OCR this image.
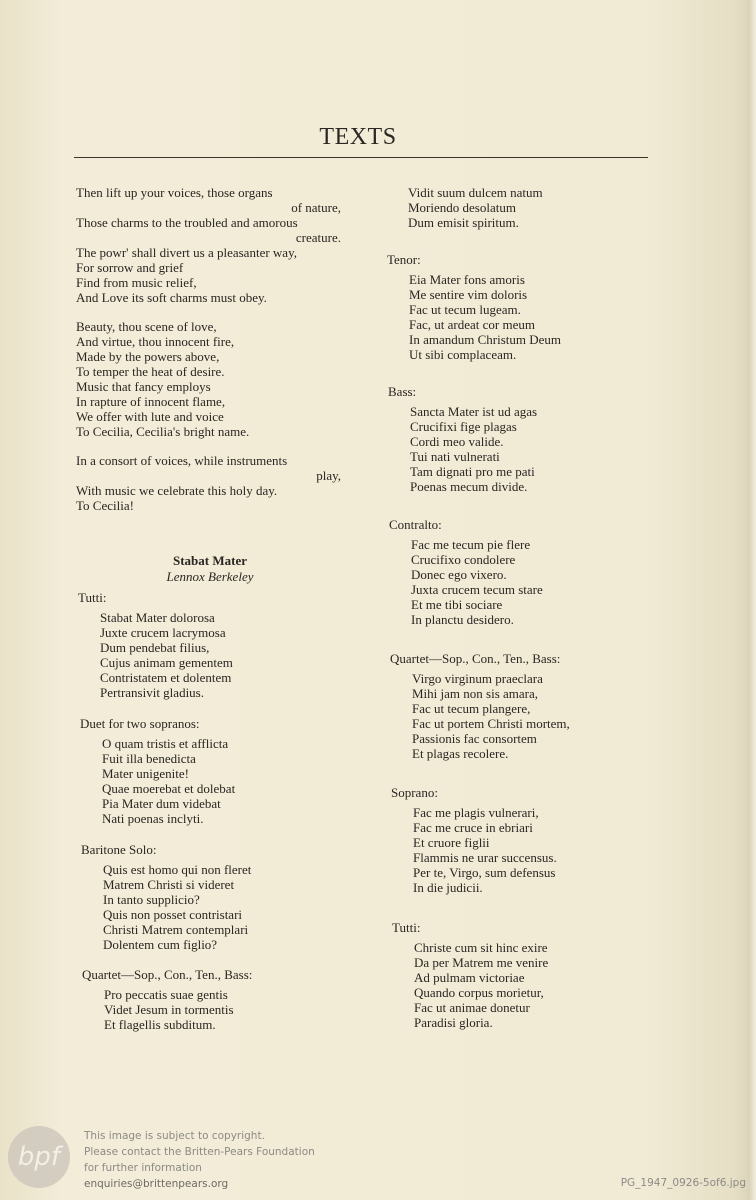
TEXTS
Then lift up your voices, those organs
of nature,
Those charms to the troubled and amorous
creature.
The powr' shall divert us a pleasanter way,
For sorrow and grief
Find from music relief,
And Love its soft charms must obey.
Beauty, thou scene of love,
And virtue, thou innocent fire,
Made by the powers above,
To temper the heat of desire.
Music that fancy employs
In rapture of innocent flame,
We offer with lute and voice
To Cecilia, Cecilia's bright name.
In a consort of voices, while instruments
play,
With music we celebrate this holy day.
To Cecilia!
Stabat Mater
Lennox Berkeley
Tutti:
Stabat Mater dolorosa
Juxte crucem lacrymosa
Dum pendebat filius,
Cujus animam gementem
Contristatem et dolentem
Pertransivit gladius.
Duet for two sopranos:
O quam tristis et afflicta
Fuit illa benedicta
Mater unigenite!
Quae moerebat et dolebat
Pia Mater dum videbat
Nati poenas inclyti.
Baritone Solo:
Quis est homo qui non fleret
Matrem Christi si videret
In tanto supplicio?
Quis non posset contristari
Christi Matrem contemplari
Dolentem cum figlio?
Quartet—Sop., Con., Ten., Bass:
Pro peccatis suae gentis
Videt Jesum in tormentis
Et flagellis subditum.
Vidit suum dulcem natum
Moriendo desolatum
Dum emisit spiritum.
Tenor:
Eia Mater fons amoris
Me sentire vim doloris
Fac ut tecum lugeam.
Fac, ut ardeat cor meum
In amandum Christum Deum
Ut sibi complaceam.
Bass:
Sancta Mater ist ud agas
Crucifixi fige plagas
Cordi meo valide.
Tui nati vulnerati
Tam dignati pro me pati
Poenas mecum divide.
Contralto:
Fac me tecum pie flere
Crucifixo condolere
Donec ego vixero.
Juxta crucem tecum stare
Et me tibi sociare
In planctu desidero.
Quartet—Sop., Con., Ten., Bass:
Virgo virginum praeclara
Mihi jam non sis amara,
Fac ut tecum plangere,
Fac ut portem Christi mortem,
Passionis fac consortem
Et plagas recolere.
Soprano:
Fac me plagis vulnerari,
Fac me cruce in ebriari
Et cruore figlii
Flammis ne urar succensus.
Per te, Virgo, sum defensus
In die judicii.
Tutti:
Christe cum sit hinc exire
Da per Matrem me venire
Ad pulmam victoriae
Quando corpus morietur,
Fac ut animae donetur
Paradisi gloria.
bpf
This image is subject to copyright.
Please contact the Britten-Pears Foundation
for further information
enquiries@brittenpears.org	PG_1947_0926-5of6.jpg
